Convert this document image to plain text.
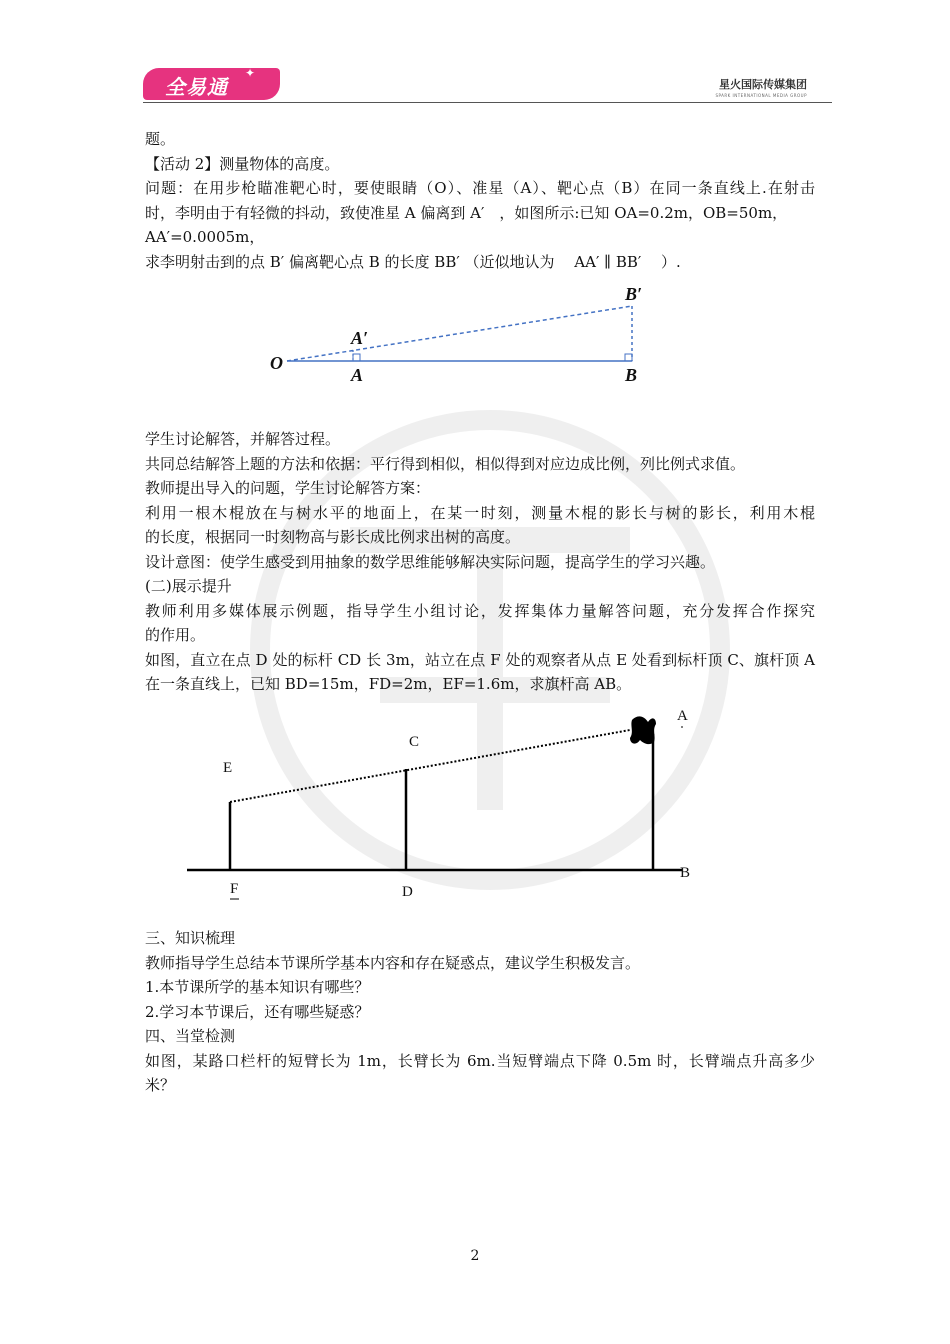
全易通
✦
星火国际传媒集团
SPARK INTERNATIONAL MEDIA GROUP

题。

【活动 2】测量物体的高度。

问题：在用步枪瞄准靶心时，要使眼睛（O）、准星（A）、靶心点（B）在同一条直线上.在射击

时，李明由于有轻微的抖动，致使准星 A 偏离到 A′　，如图所示:已知 OA=0.2m，OB=50m，

AA′=0.0005m，

求李明射击到的点 B′ 偏离靶心点 B 的长度 BB′ （近似地认为　 AA′ ∥ BB′　 ）.

B′
A′
O
A	B

学生讨论解答，并解答过程。

共同总结解答上题的方法和依据：平行得到相似，相似得到对应边成比例，列比例式求值。

教师提出导入的问题，学生讨论解答方案：

利用一根木棍放在与树水平的地面上，在某一时刻，测量木棍的影长与树的影长，利用木棍

的长度，根据同一时刻物高与影长成比例求出树的高度。

设计意图：使学生感受到用抽象的数学思维能够解决实际问题，提高学生的学习兴趣。

(二)展示提升

教师利用多媒体展示例题，指导学生小组讨论，发挥集体力量解答问题，充分发挥合作探究

的作用。

如图，直立在点 D 处的标杆 CD 长 3m，站立在点 F 处的观察者从点 E 处看到标杆顶 C、旗杆顶 A

在一条直线上，已知 BD=15m，FD=2m，EF=1.6m，求旗杆高 AB。

A
C
E
F	D
B

三、知识梳理

教师指导学生总结本节课所学基本内容和存在疑惑点，建议学生积极发言。

1.本节课所学的基本知识有哪些？

2.学习本节课后，还有哪些疑惑？

四、当堂检测

如图，某路口栏杆的短臂长为 1m，长臂长为 6m.当短臂端点下降 0.5m 时，长臂端点升高多少

米？

2
